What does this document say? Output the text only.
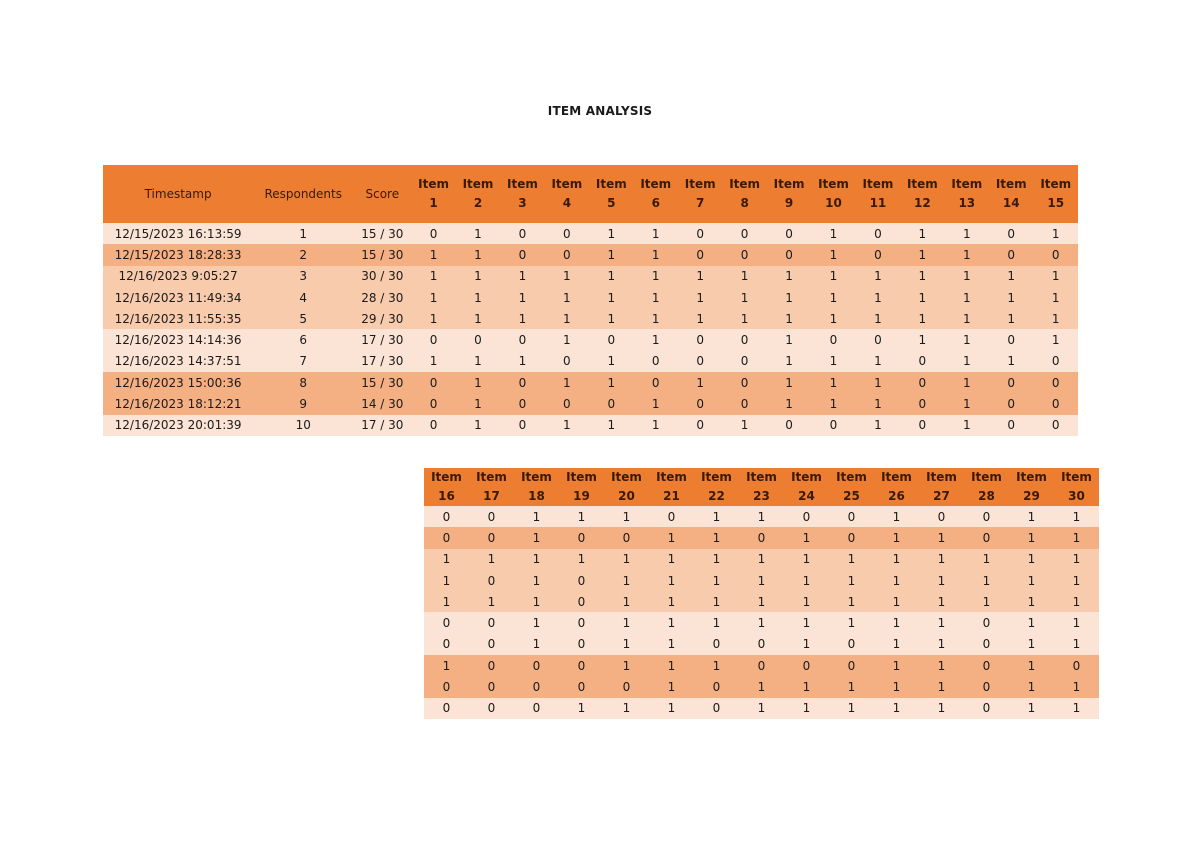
ITEM ANALYSIS
Timestamp	Respondents	Score	Item 1	Item 2	Item 3	Item 4	Item 5	Item 6	Item 7	Item 8	Item 9	Item 10	Item 11	Item 12	Item 13	Item 14	Item 15
12/15/2023 16:13:59	1	15 / 30	0	1	0	0	1	1	0	0	0	1	0	1	1	0	1
12/15/2023 18:28:33	2	15 / 30	1	1	0	0	1	1	0	0	0	1	0	1	1	0	0
12/16/2023 9:05:27	3	30 / 30	1	1	1	1	1	1	1	1	1	1	1	1	1	1	1
12/16/2023 11:49:34	4	28 / 30	1	1	1	1	1	1	1	1	1	1	1	1	1	1	1
12/16/2023 11:55:35	5	29 / 30	1	1	1	1	1	1	1	1	1	1	1	1	1	1	1
12/16/2023 14:14:36	6	17 / 30	0	0	0	1	0	1	0	0	1	0	0	1	1	0	1
12/16/2023 14:37:51	7	17 / 30	1	1	1	0	1	0	0	0	1	1	1	0	1	1	0
12/16/2023 15:00:36	8	15 / 30	0	1	0	1	1	0	1	0	1	1	1	0	1	0	0
12/16/2023 18:12:21	9	14 / 30	0	1	0	0	0	1	0	0	1	1	1	0	1	0	0
12/16/2023 20:01:39	10	17 / 30	0	1	0	1	1	1	0	1	0	0	1	0	1	0	0
Item 16	Item 17	Item 18	Item 19	Item 20	Item 21	Item 22	Item 23	Item 24	Item 25	Item 26	Item 27	Item 28	Item 29	Item 30
0	0	1	1	1	0	1	1	0	0	1	0	0	1	1
0	0	1	0	0	1	1	0	1	0	1	1	0	1	1
1	1	1	1	1	1	1	1	1	1	1	1	1	1	1
1	0	1	0	1	1	1	1	1	1	1	1	1	1	1
1	1	1	0	1	1	1	1	1	1	1	1	1	1	1
0	0	1	0	1	1	1	1	1	1	1	1	0	1	1
0	0	1	0	1	1	0	0	1	0	1	1	0	1	1
1	0	0	0	1	1	1	0	0	0	1	1	0	1	0
0	0	0	0	0	1	0	1	1	1	1	1	0	1	1
0	0	0	1	1	1	0	1	1	1	1	1	0	1	1
